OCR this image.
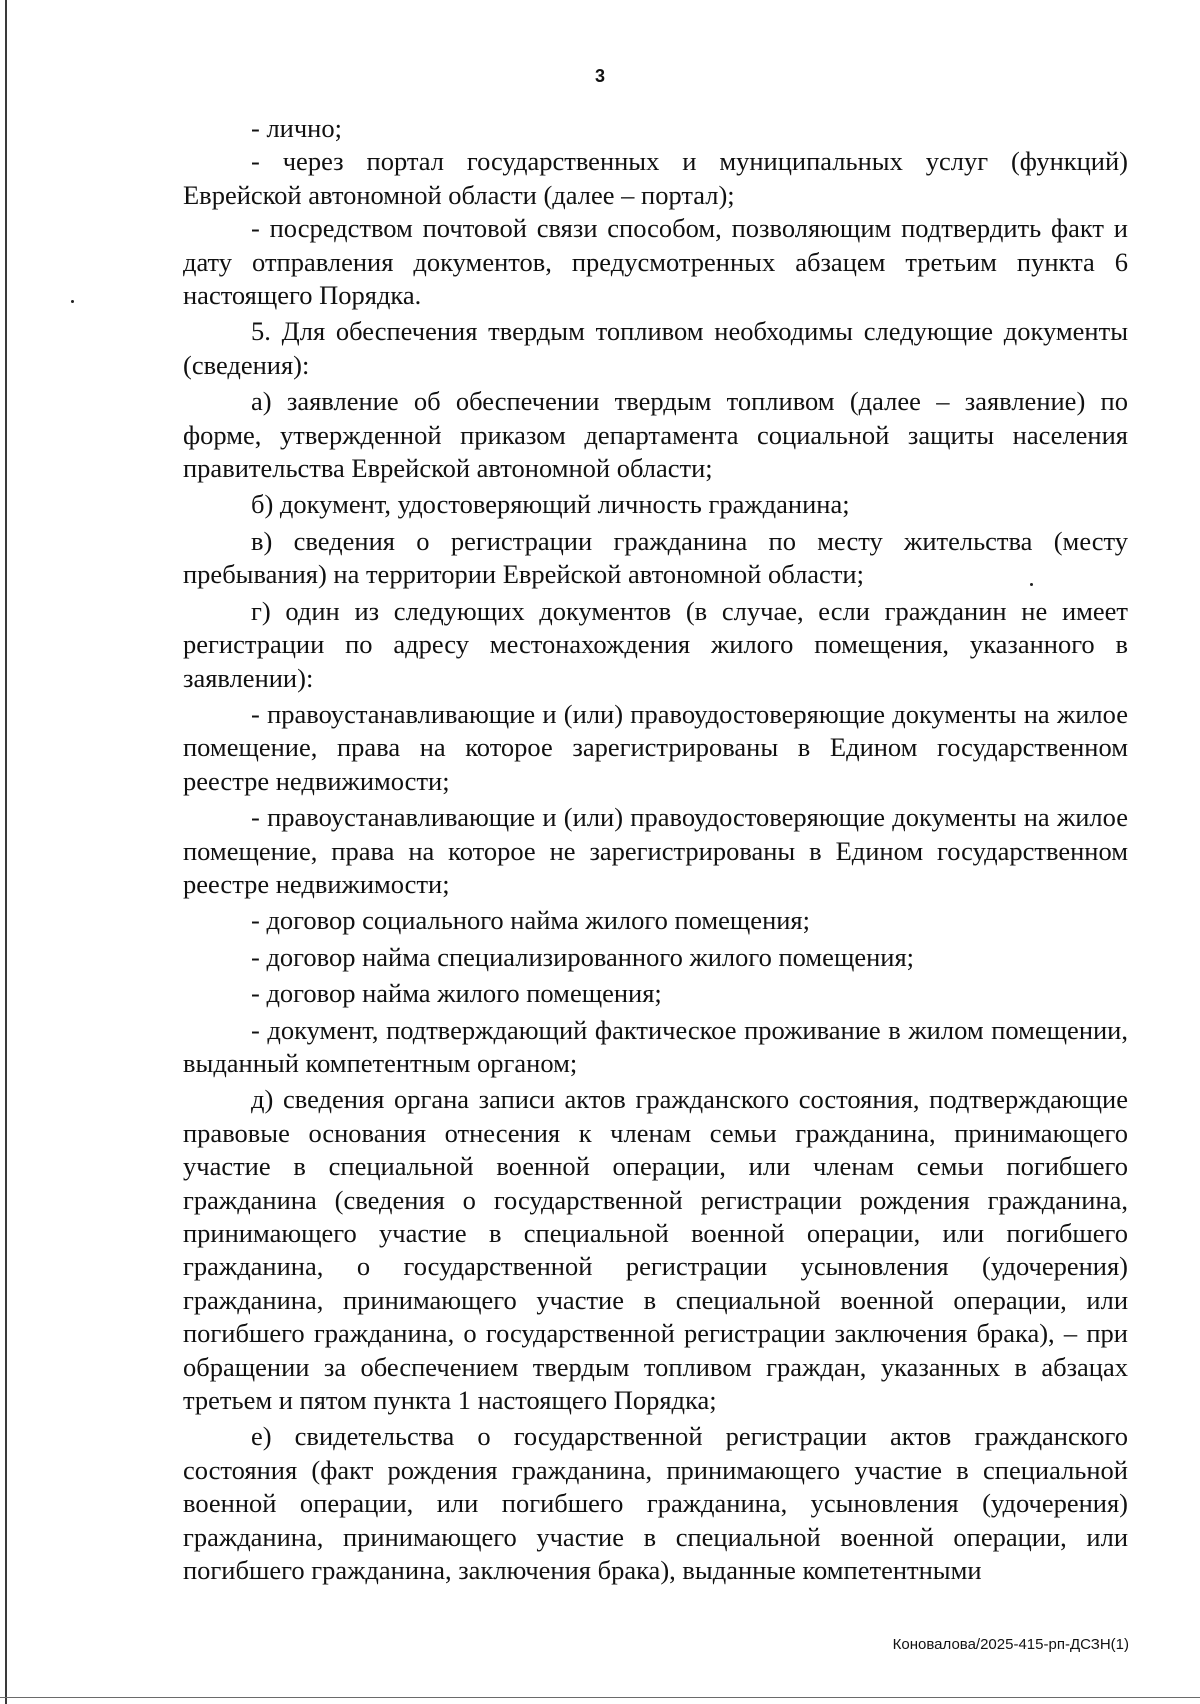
3

- лично;

- через портал государственных и муниципальных услуг (функций) Еврейской автономной области (далее – портал);

- посредством почтовой связи способом, позволяющим подтвердить факт и дату отправления документов, предусмотренных абзацем третьим пункта 6 настоящего Порядка.

5. Для обеспечения твердым топливом необходимы следующие документы (сведения):

а) заявление об обеспечении твердым топливом (далее – заявление) по форме, утвержденной приказом департамента социальной защиты населения правительства Еврейской автономной области;

б) документ, удостоверяющий личность гражданина;

в) сведения о регистрации гражданина по месту жительства (месту пребывания) на территории Еврейской автономной области;

г) один из следующих документов (в случае, если гражданин не имеет регистрации по адресу местонахождения жилого помещения, указанного в заявлении):

- правоустанавливающие и (или) правоудостоверяющие документы на жилое помещение, права на которое зарегистрированы в Едином государственном реестре недвижимости;

- правоустанавливающие и (или) правоудостоверяющие документы на жилое помещение, права на которое не зарегистрированы в Едином государственном реестре недвижимости;

- договор социального найма жилого помещения;

- договор найма специализированного жилого помещения;

- договор найма жилого помещения;

- документ, подтверждающий фактическое проживание в жилом помещении, выданный компетентным органом;

д) сведения органа записи актов гражданского состояния, подтверждающие правовые основания отнесения к членам семьи гражданина, принимающего участие в специальной военной операции, или членам семьи погибшего гражданина (сведения о государственной регистрации рождения гражданина, принимающего участие в специальной военной операции, или погибшего гражданина, о государственной регистрации усыновления (удочерения) гражданина, принимающего участие в специальной военной операции, или погибшего гражданина, о государственной регистрации заключения брака), – при обращении за обеспечением твердым топливом граждан, указанных в абзацах третьем и пятом пункта 1 настоящего Порядка;

е) свидетельства о государственной регистрации актов гражданского состояния (факт рождения гражданина, принимающего участие в специальной военной операции, или погибшего гражданина, усыновления (удочерения) гражданина, принимающего участие в специальной военной операции, или погибшего гражданина, заключения брака), выданные компетентными

Коновалова/2025-415-рп-ДСЗН(1)
